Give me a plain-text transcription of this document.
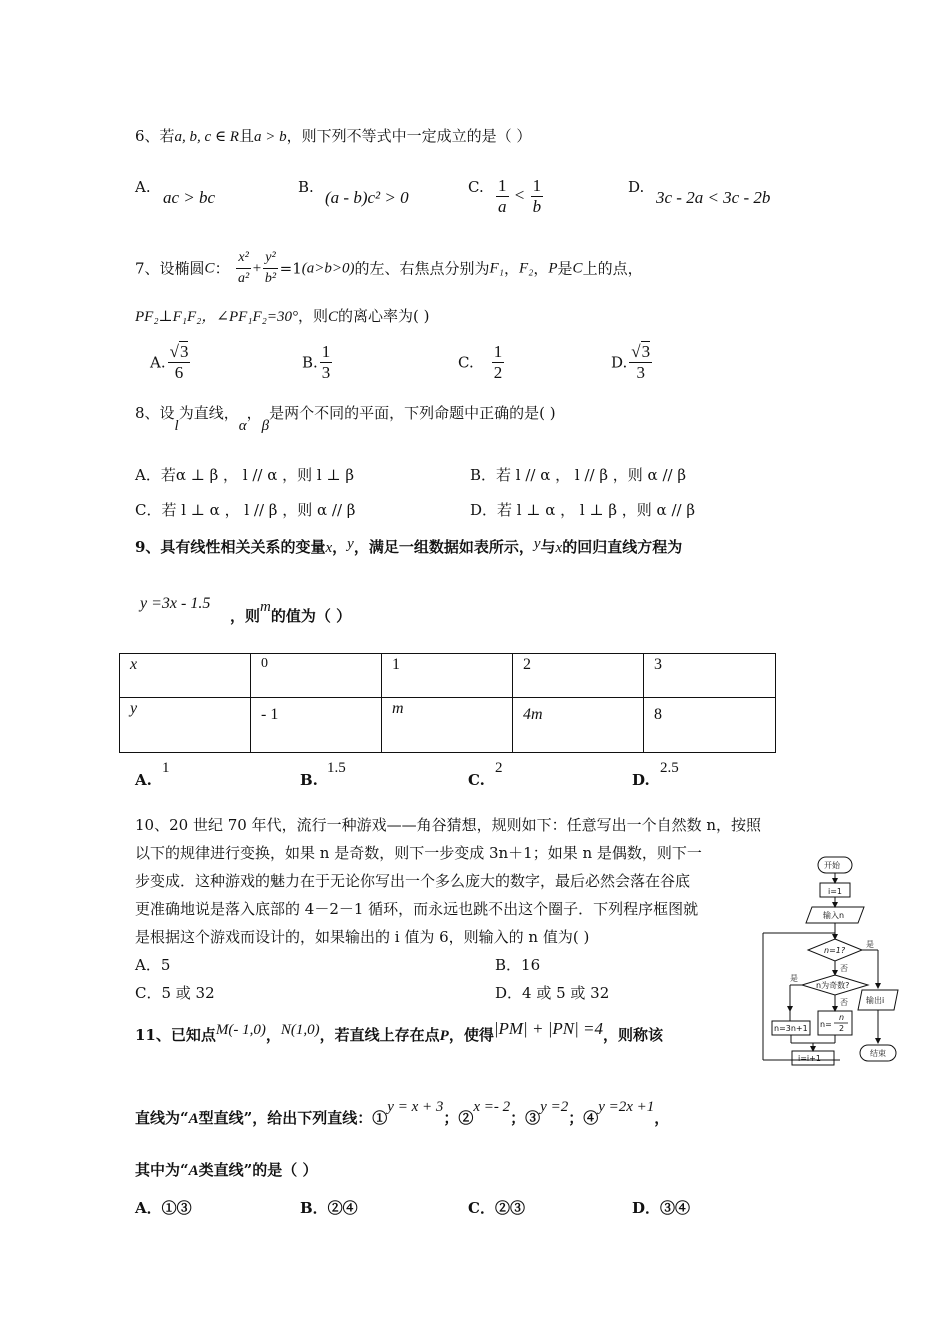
6、若a, b, c ∈ R且a > b，则下列不等式中一定成立的是（ ）
A.
ac > bc
B.
(a - b)c² > 0
C. $\frac{1}{a} < \frac{1}{b}$	D.
3c - 2a < 3c - 2b
7、设椭圆C： $\frac{\text{x²}}{\text{a²}} + \frac{\text{y²}}{\text{b²}} =1(a>b>0)$的左、右焦点分别为F₁，F₂，P是C上的点，
PF₂⊥F₁F₂，∠PF₁F₂=30°，则C的离心率为( )
A. $\frac{√3}{6}$	B. $\frac{1}{3}$	C. $\frac{1}{2}$	D. $\frac{√3}{3}$
8、设l为直线，α，β是两个不同的平面，下列命题中正确的是( )
A．若α ⊥ β ， l // α ，则 l ⊥ β	B．若 l // α ， l // β ，则 α // β
C．若 l ⊥ α ， l // β ，则 α // β	D．若 l ⊥ α ， l ⊥ β ，则 α // β
9、具有线性相关关系的变量x，y，满足一组数据如表所示，y与x的回归直线方程为
y =3x - 1.5
，则m的值为（ ）
x	0	1	2	3
y	- 1	m	4m	8
A.
1
B.
1.5
C.
2
D.
2.5
10、20 世纪 70 年代，流行一种游戏——角谷猜想，规则如下：任意写出一个自然数 n，按照
以下的规律进行变换，如果 n 是奇数，则下一步变成 3n＋1；如果 n 是偶数，则下一
步变成．这种游戏的魅力在于无论你写出一个多么庞大的数字，最后必然会落在谷底
更准确地说是落入底部的 4－2－1 循环，而永远也跳不出这个圈子．下列程序框图就
是根据这个游戏而设计的，如果输出的 i 值为 6，则输入的 n 值为( )
A．5	B．16
C．5 或 32	D．4 或 5 或 32
开始
i=1
输入n
n=1?
是
否
n为奇数?
是
否 输出i
n=3n+1 n=
n
2
i=i+1
结束
11、已知点M(- 1,0)，N(1,0)，若直线上存在点P，使得|PM| + |PN| =4，则称该
直线为“A型直线”，给出下列直线：①y = x + 3；②x =- 2；③y =2；④y =2x +1，
其中为“A类直线”的是（ ）
A．①③	B．②④	C．②③	D．③④
